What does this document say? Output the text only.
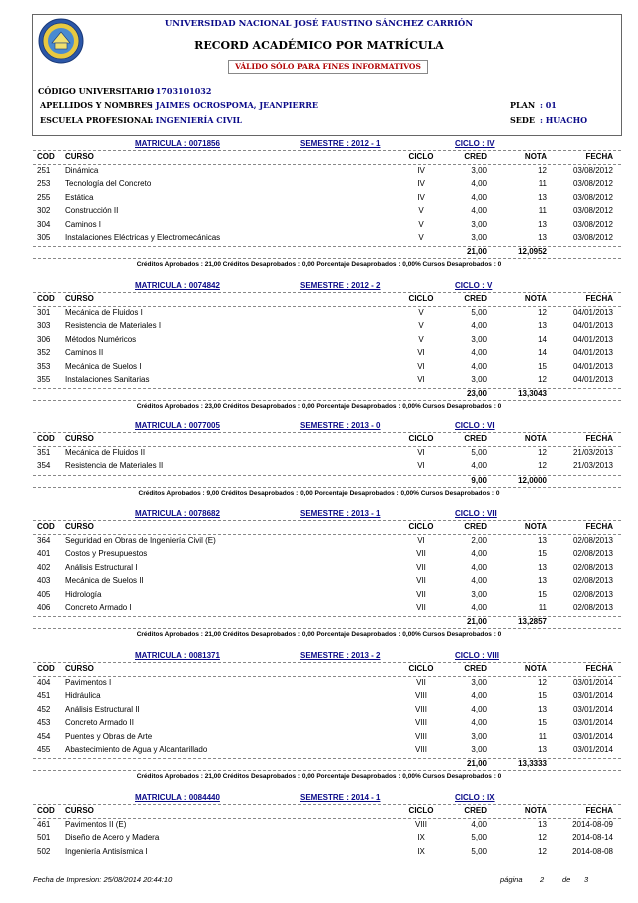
UNIVERSIDAD NACIONAL JOSÉ FAUSTINO SÁNCHEZ CARRIÓN
RECORD ACADÉMICO POR MATRÍCULA
VÁLIDO SÓLO PARA FINES INFORMATIVOS
CÓDIGO UNIVERSITARIO
: 1703101032
APELLIDOS Y NOMBRES
: JAIMES OCROSPOMA, JEANPIERRE
ESCUELA PROFESIONAL
: INGENIERÍA CIVIL
PLAN : 01
SEDE : HUACHO
MATRICULA : 0071856	SEMESTRE : 2012 - 1	CICLO : IV
COD CURSO	CICLO	CRED	NOTA	FECHA
251 Dinámica	IV	3,00	12	03/08/2012
253 Tecnología del Concreto	IV	4,00	11	03/08/2012
255 Estática	IV	4,00	13	03/08/2012
302 Construcción II	V	4,00	11	03/08/2012
304 Caminos I	V	3,00	13	03/08/2012
305 Instalaciones Eléctricas y Electromecánicas	V	3,00	13	03/08/2012
21,00	12,0952
Créditos Aprobados : 21,00 Créditos Desaprobados : 0,00 Porcentaje Desaprobados : 0,00% Cursos Desaprobados : 0
MATRICULA : 0074842	SEMESTRE : 2012 - 2	CICLO : V
COD CURSO	CICLO	CRED	NOTA	FECHA
301 Mecánica de Fluidos I	V	5,00	12	04/01/2013
303 Resistencia de Materiales I	V	4,00	13	04/01/2013
306 Métodos Numéricos	V	3,00	14	04/01/2013
352 Caminos II	VI	4,00	14	04/01/2013
353 Mecánica de Suelos I	VI	4,00	15	04/01/2013
355 Instalaciones Sanitarias	VI	3,00	12	04/01/2013
23,00	13,3043
Créditos Aprobados : 23,00 Créditos Desaprobados : 0,00 Porcentaje Desaprobados : 0,00% Cursos Desaprobados : 0
MATRICULA : 0077005	SEMESTRE : 2013 - 0	CICLO : VI
COD CURSO	CICLO	CRED	NOTA	FECHA
351 Mecánica de Fluidos II	VI	5,00	12	21/03/2013
354 Resistencia de Materiales II	VI	4,00	12	21/03/2013
9,00	12,0000
Créditos Aprobados : 9,00 Créditos Desaprobados : 0,00 Porcentaje Desaprobados : 0,00% Cursos Desaprobados : 0
MATRICULA : 0078682	SEMESTRE : 2013 - 1	CICLO : VII
COD CURSO	CICLO	CRED	NOTA	FECHA
364 Seguridad en Obras de Ingeniería Civil (E)	VI	2,00	13	02/08/2013
401 Costos y Presupuestos	VII	4,00	15	02/08/2013
402 Análisis Estructural I	VII	4,00	13	02/08/2013
403 Mecánica de Suelos II	VII	4,00	13	02/08/2013
405 Hidrología	VII	3,00	15	02/08/2013
406 Concreto Armado I	VII	4,00	11	02/08/2013
21,00	13,2857
Créditos Aprobados : 21,00 Créditos Desaprobados : 0,00 Porcentaje Desaprobados : 0,00% Cursos Desaprobados : 0
MATRICULA : 0081371	SEMESTRE : 2013 - 2	CICLO : VIII
COD CURSO	CICLO	CRED	NOTA	FECHA
404 Pavimentos I	VII	3,00	12	03/01/2014
451 Hidráulica	VIII	4,00	15	03/01/2014
452 Análisis Estructural II	VIII	4,00	13	03/01/2014
453 Concreto Armado II	VIII	4,00	15	03/01/2014
454 Puentes y Obras de Arte	VIII	3,00	11	03/01/2014
455 Abastecimiento de Agua y Alcantarillado	VIII	3,00	13	03/01/2014
21,00	13,3333
Créditos Aprobados : 21,00 Créditos Desaprobados : 0,00 Porcentaje Desaprobados : 0,00% Cursos Desaprobados : 0
MATRICULA : 0084440	SEMESTRE : 2014 - 1	CICLO : IX
COD CURSO	CICLO	CRED	NOTA	FECHA
461 Pavimentos II (E)	VIII	4,00	13	2014-08-09
501 Diseño de Acero y Madera	IX	5,00	12	2014-08-14
502 Ingeniería Antisísmica I	IX	5,00	12	2014-08-08
Fecha de Impresion: 25/08/2014 20:44:10	página 2 de 3
